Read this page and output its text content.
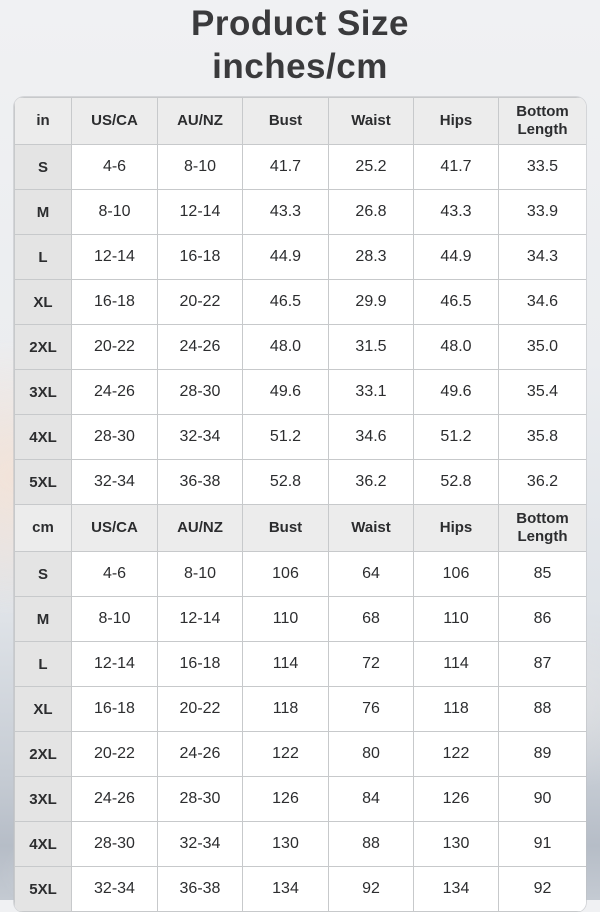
Product Size
inches/cm
in	US/CA	AU/NZ	Bust	Waist	Hips	Bottom Length
S	4-6	8-10	41.7	25.2	41.7	33.5
M	8-10	12-14	43.3	26.8	43.3	33.9
L	12-14	16-18	44.9	28.3	44.9	34.3
XL	16-18	20-22	46.5	29.9	46.5	34.6
2XL	20-22	24-26	48.0	31.5	48.0	35.0
3XL	24-26	28-30	49.6	33.1	49.6	35.4
4XL	28-30	32-34	51.2	34.6	51.2	35.8
5XL	32-34	36-38	52.8	36.2	52.8	36.2
cm	US/CA	AU/NZ	Bust	Waist	Hips	Bottom Length
S	4-6	8-10	106	64	106	85
M	8-10	12-14	110	68	110	86
L	12-14	16-18	114	72	114	87
XL	16-18	20-22	118	76	118	88
2XL	20-22	24-26	122	80	122	89
3XL	24-26	28-30	126	84	126	90
4XL	28-30	32-34	130	88	130	91
5XL	32-34	36-38	134	92	134	92
